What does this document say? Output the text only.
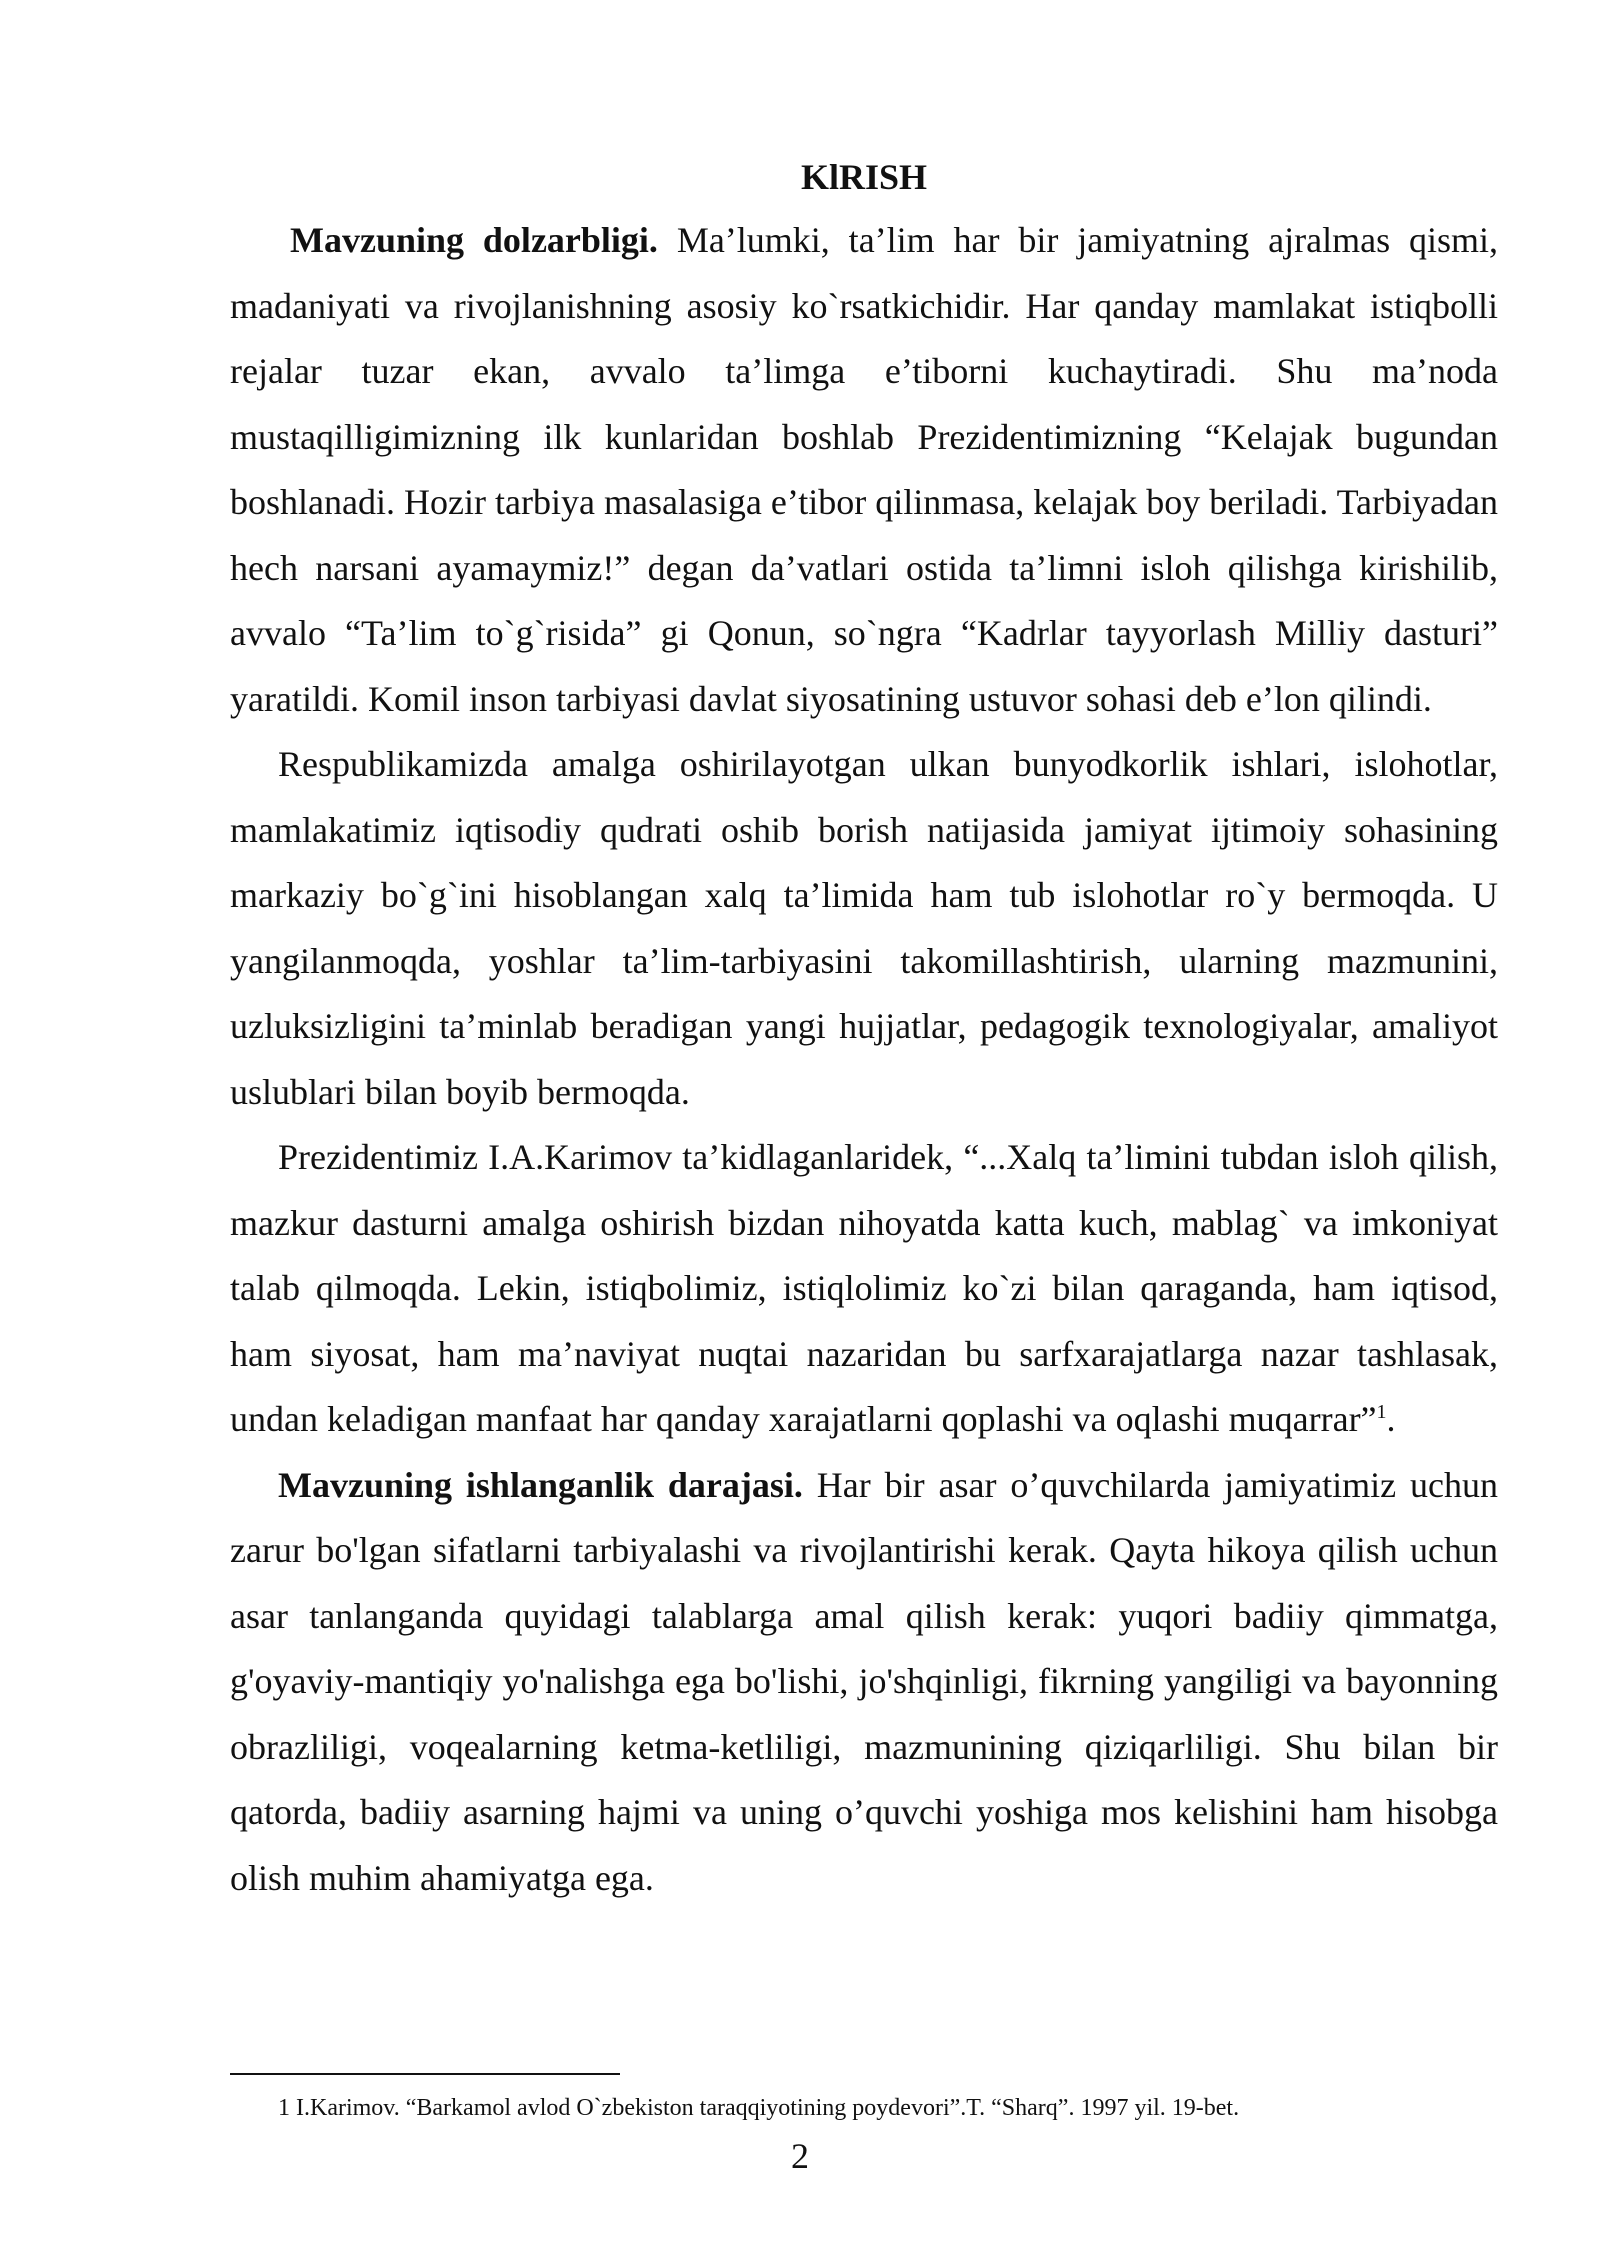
KlRISH

Mavzuning dolzarbligi. Ma’lumki, ta’lim har bir jamiyatning ajralmas qismi, madaniyati va rivojlanishning asosiy ko`rsatkichidir. Har qanday mamlakat istiqbolli rejalar tuzar ekan, avvalo ta’limga e’tiborni kuchaytiradi. Shu ma’noda mustaqilligimizning ilk kunlaridan boshlab Prezidentimizning “Kelajak bugundan boshlanadi. Hozir tarbiya masalasiga e’tibor qilinmasa, kelajak boy beriladi. Tarbiyadan hech narsani ayamaymiz!” degan da’vatlari ostida ta’limni isloh qilishga kirishilib, avvalo “Ta’lim to`g`risida” gi Qonun, so`ngra “Kadrlar tayyorlash Milliy dasturi” yaratildi. Komil inson tarbiyasi davlat siyosatining ustuvor sohasi deb e’lon qilindi.

Respublikamizda amalga oshirilayotgan ulkan bunyodkorlik ishlari, islohotlar, mamlakatimiz iqtisodiy qudrati oshib borish natijasida jamiyat ijtimoiy sohasining markaziy bo`g`ini hisoblangan xalq ta’limida ham tub islohotlar ro`y bermoqda. U yangilanmoqda, yoshlar ta’lim-tarbiyasini takomillashtirish, ularning mazmunini, uzluksizligini ta’minlab beradigan yangi hujjatlar, pedagogik texnologiyalar, amaliyot uslublari bilan boyib bermoqda.

Prezidentimiz I.A.Karimov ta’kidlaganlaridek, “...Xalq ta’limini tubdan isloh qilish, mazkur dasturni amalga oshirish bizdan nihoyatda katta kuch, mablag` va imkoniyat talab qilmoqda. Lekin, istiqbolimiz, istiqlolimiz ko`zi bilan qaraganda, ham iqtisod, ham siyosat, ham ma’naviyat nuqtai nazaridan bu sarfxarajatlarga nazar tashlasak, undan keladigan manfaat har qanday xarajatlarni qoplashi va oqlashi muqarrar”$^1$.

Mavzuning ishlanganlik darajasi. Har bir asar o’quvchilarda jamiyatimiz uchun zarur bo'lgan sifatlarni tarbiyalashi va rivojlantirishi kerak. Qayta hikoya qilish uchun asar tanlanganda quyidagi talablarga amal qilish kerak: yuqori badiiy qimmatga, g'oyaviy-mantiqiy yo'nalishga ega bo'lishi, jo'shqinligi, fikrning yangiligi va bayonning obrazliligi, voqealarning ketma-ketliligi, mazmunining qiziqarliligi. Shu bilan bir qatorda, badiiy asarning hajmi va uning o’quvchi yoshiga mos kelishini ham hisobga olish muhim ahamiyatga ega.

1 I.Karimov. “Barkamol avlod O`zbekiston taraqqiyotining poydevori”.T. “Sharq”. 1997 yil. 19-bet.
2
